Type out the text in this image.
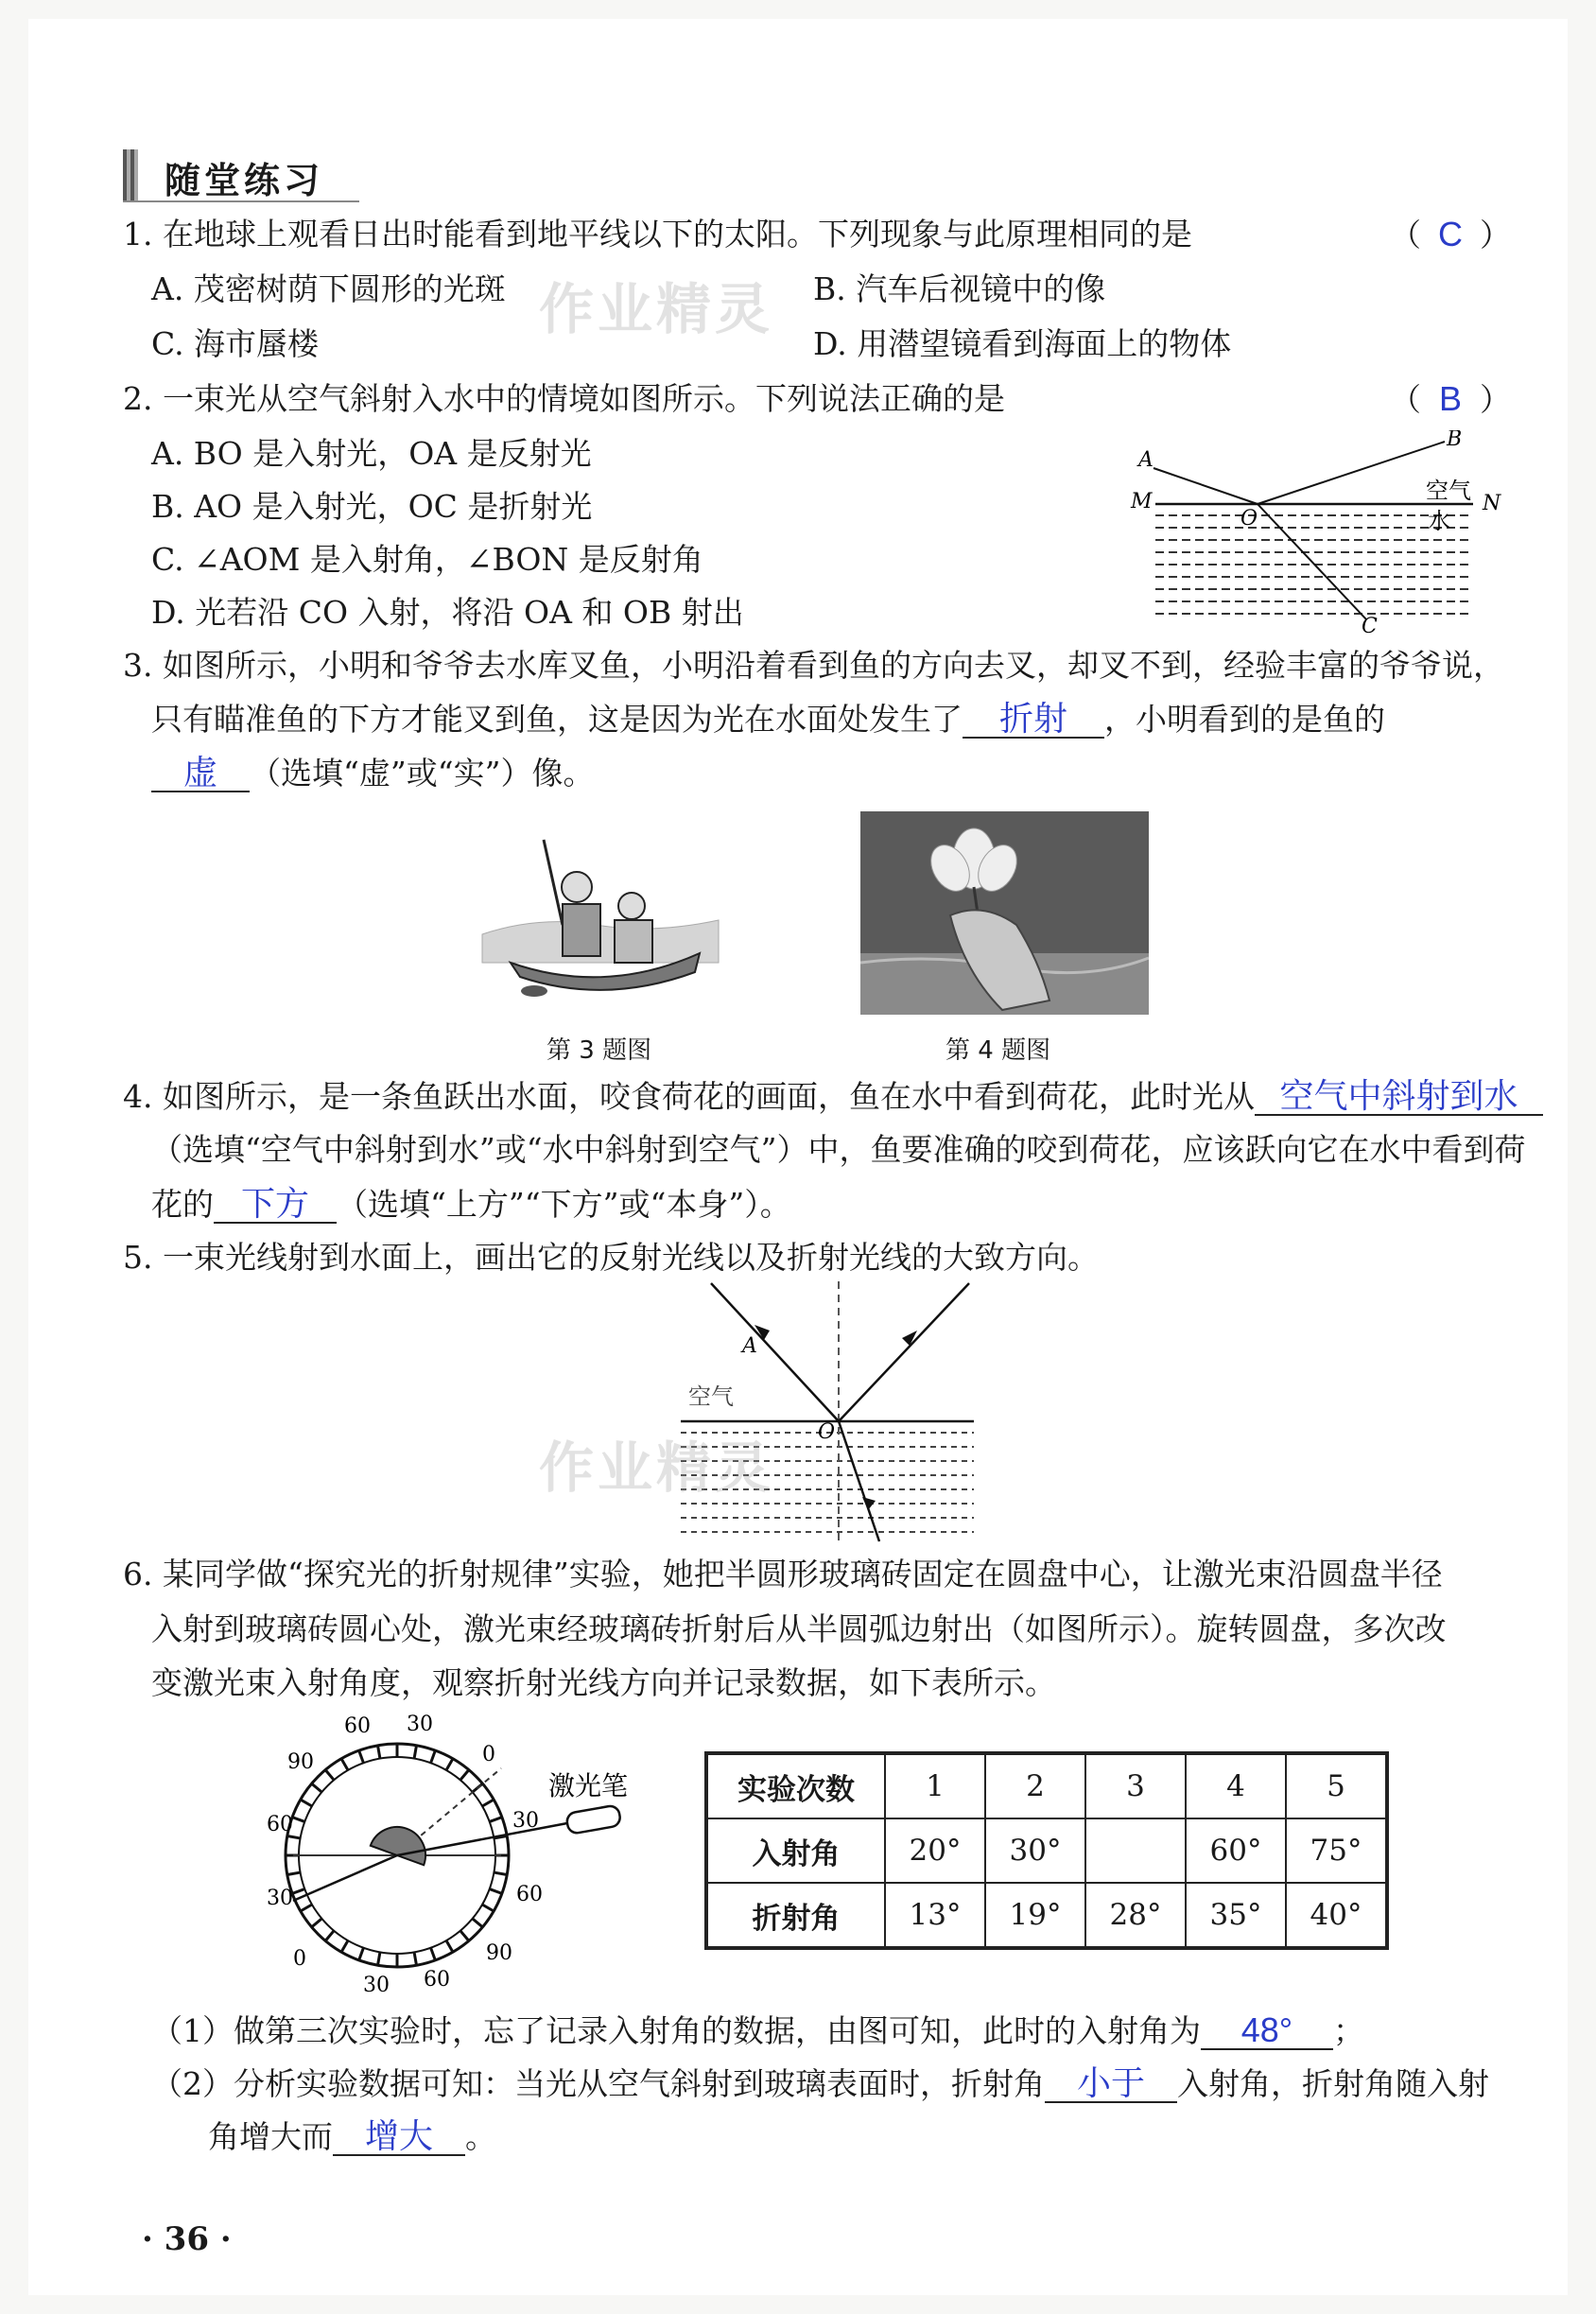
随堂练习
1. 在地球上观看日出时能看到地平线以下的太阳。下列现象与此原理相同的是	（ C ）
A. 茂密树荫下圆形的光斑	B. 汽车后视镜中的像
C. 海市蜃楼	D. 用潜望镜看到海面上的物体
作业精灵
2. 一束光从空气斜射入水中的情境如图所示。下列说法正确的是	（ B ）
A. BO 是入射光，OA 是反射光
B. AO 是入射光，OC 是折射光
C. ∠AOM 是入射角，∠BON 是反射角
D. 光若沿 CO 入射，将沿 OA 和 OB 射出
A
B
M	N
O
C
空气
水
3. 如图所示，小明和爷爷去水库叉鱼，小明沿着看到鱼的方向去叉，却叉不到，经验丰富的爷爷说，
只有瞄准鱼的下方才能叉到鱼，这是因为光在水面处发生了 折射 ，小明看到的是鱼的
虚 （选填“虚”或“实”）像。
第 3 题图	第 4 题图
4. 如图所示，是一条鱼跃出水面，咬食荷花的画面，鱼在水中看到荷花，此时光从 空气中斜射到水
（选填“空气中斜射到水”或“水中斜射到空气”）中，鱼要准确的咬到荷花，应该跃向它在水中看到荷
花的 下方 （选填“上方”“下方”或“本身”）。
5. 一束光线射到水面上，画出它的反射光线以及折射光线的大致方向。
A
O
空气
作业精灵
6. 某同学做“探究光的折射规律”实验，她把半圆形玻璃砖固定在圆盘中心，让激光束沿圆盘半径
入射到玻璃砖圆心处，激光束经玻璃砖折射后从半圆弧边射出（如图所示）。旋转圆盘，多次改
变激光束入射角度，观察折射光线方向并记录数据，如下表所示。
激光笔
60 30
0
30
60
90
60
30
0
30
60
90
实验次数	1	2	3	4	5
入射角	20°	30°		60°	75°
折射角	13°	19°	28°	35°	40°
（1）做第三次实验时，忘了记录入射角的数据，由图可知，此时的入射角为 48° ；
（2）分析实验数据可知：当光从空气斜射到玻璃表面时，折射角 小于 入射角，折射角随入射
角增大而 增大 。
· 36 ·
